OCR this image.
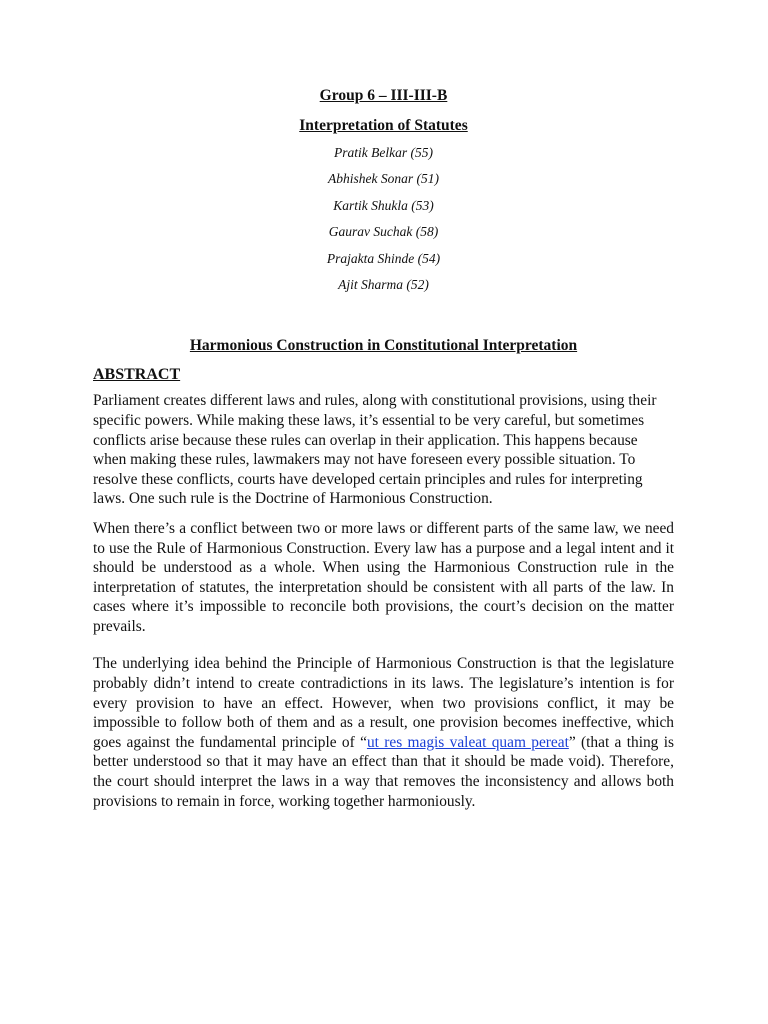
Group 6 – III-III-B
Interpretation of Statutes
Pratik Belkar (55)
Abhishek Sonar (51)
Kartik Shukla (53)
Gaurav Suchak (58)
Prajakta Shinde (54)
Ajit Sharma (52)
Harmonious Construction in Constitutional Interpretation
ABSTRACT

Parliament creates different laws and rules, along with constitutional provisions, using their specific powers. While making these laws, it’s essential to be very careful, but sometimes conflicts arise because these rules can overlap in their application. This happens because when making these rules, lawmakers may not have foreseen every possible situation. To resolve these conflicts, courts have developed certain principles and rules for interpreting laws. One such rule is the Doctrine of Harmonious Construction.

When there’s a conflict between two or more laws or different parts of the same law, we need to use the Rule of Harmonious Construction. Every law has a purpose and a legal intent and it should be understood as a whole. When using the Harmonious Construction rule in the interpretation of statutes, the interpretation should be consistent with all parts of the law. In cases where it’s impossible to reconcile both provisions, the court’s decision on the matter prevails.

The underlying idea behind the Principle of Harmonious Construction is that the legislature probably didn’t intend to create contradictions in its laws. The legislature’s intention is for every provision to have an effect. However, when two provisions conflict, it may be impossible to follow both of them and as a result, one provision becomes ineffective, which goes against the fundamental principle of “ut res magis valeat quam pereat” (that a thing is better understood so that it may have an effect than that it should be made void). Therefore, the court should interpret the laws in a way that removes the inconsistency and allows both provisions to remain in force, working together harmoniously.
